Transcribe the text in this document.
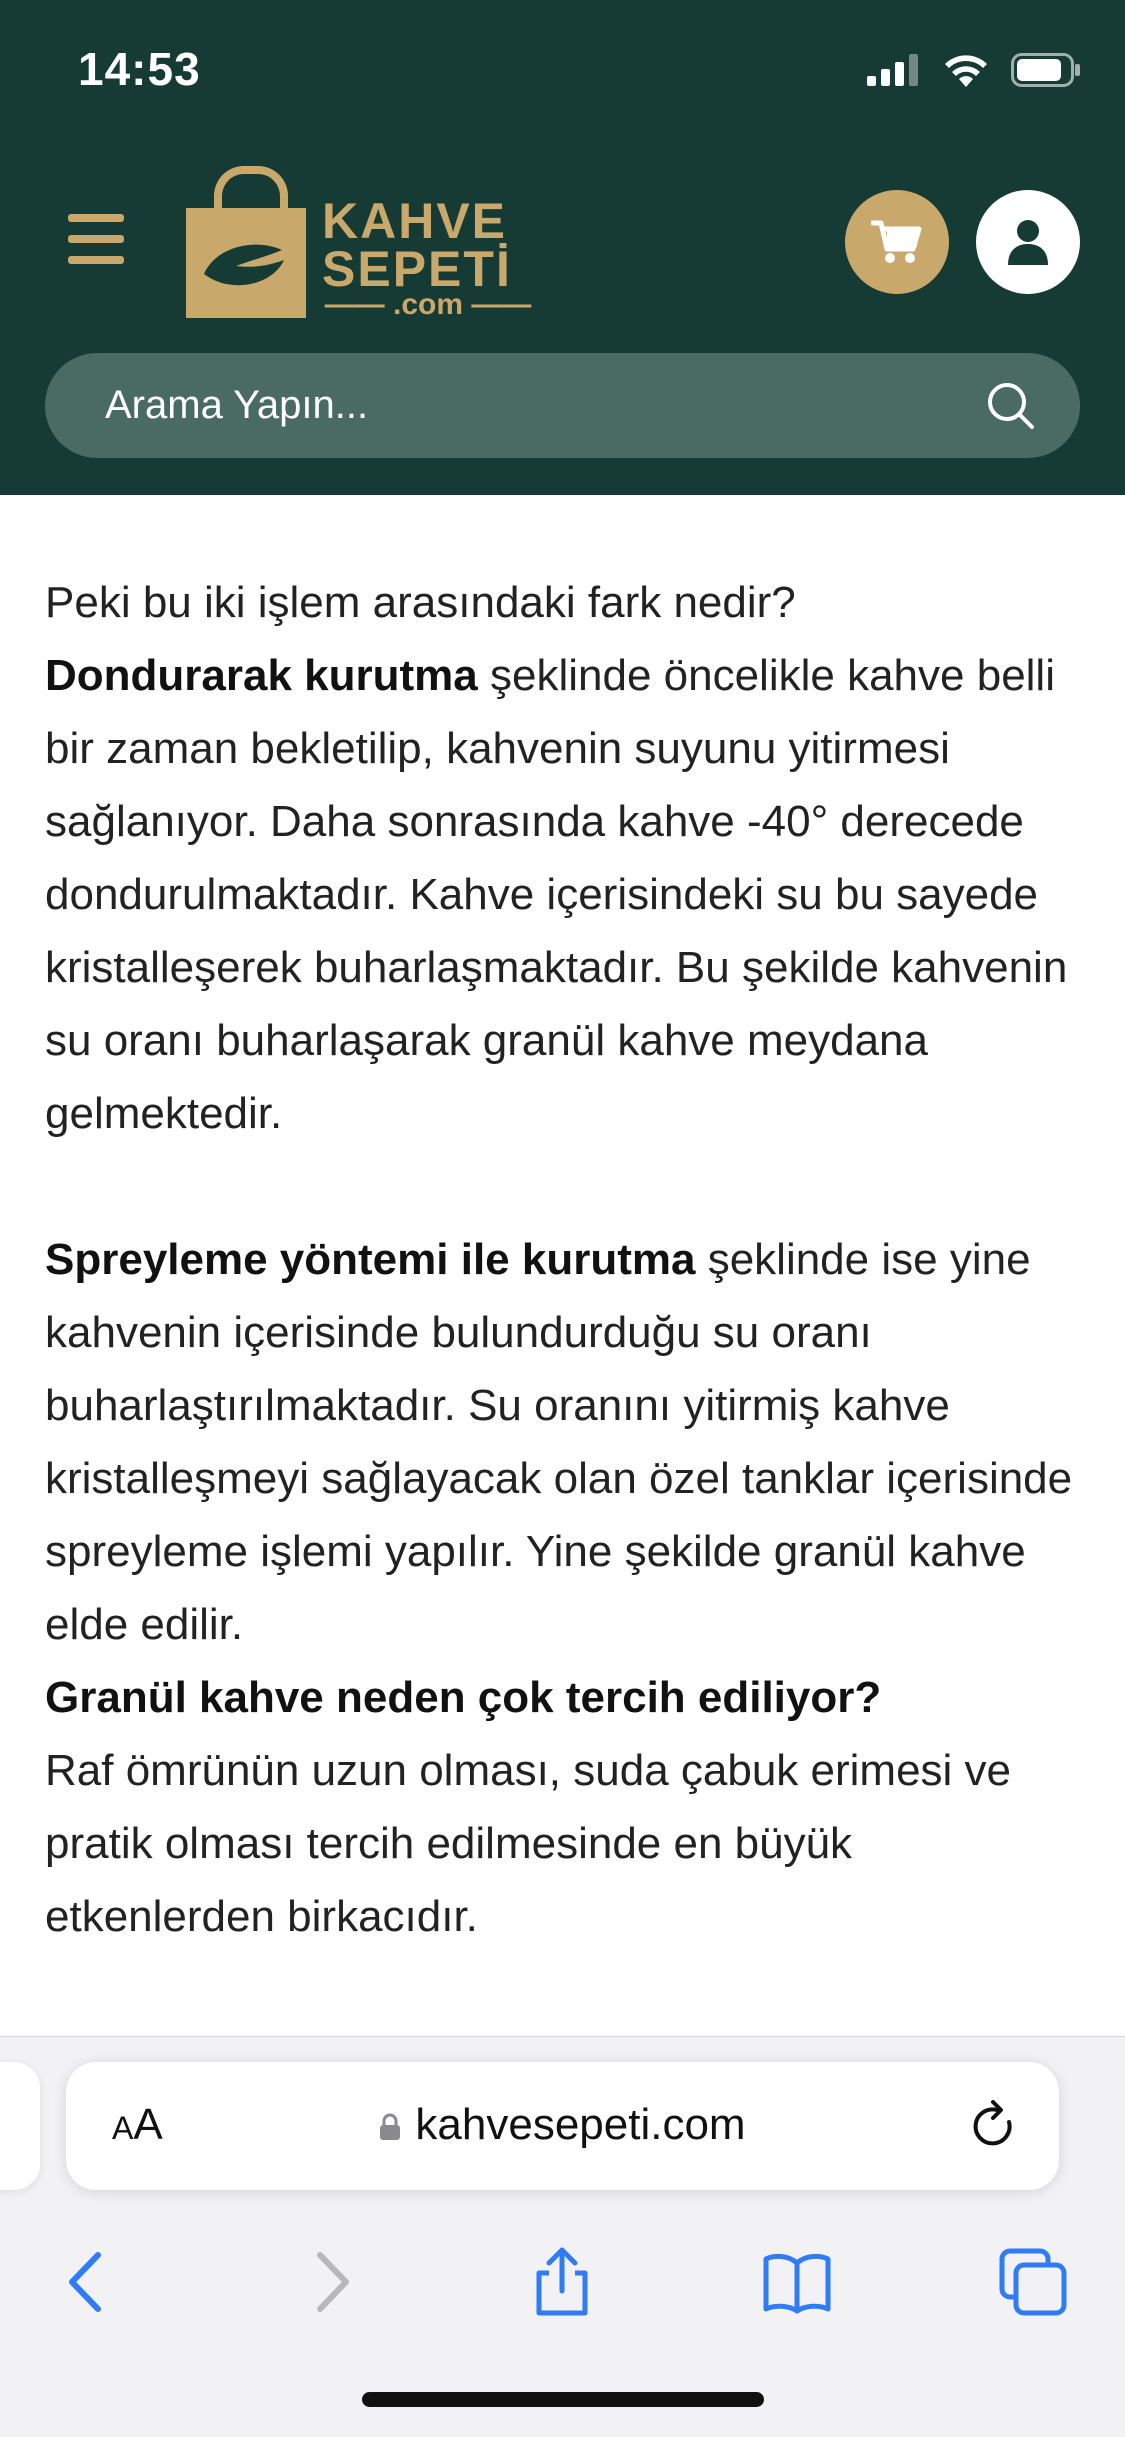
14:53
KAHVE
SEPETİ
—— .com ——
Arama Yapın...
Peki bu iki işlem arasındaki fark nedir?
Dondurarak kurutma şeklinde öncelikle kahve belli bir zaman bekletilip, kahvenin suyunu yitirmesi sağlanıyor. Daha sonrasında kahve -40° derecede dondurulmaktadır. Kahve içerisindeki su bu sayede kristalleşerek buharlaşmaktadır. Bu şekilde kahvenin su oranı buharlaşarak granül kahve meydana gelmektedir.
Spreyleme yöntemi ile kurutma şeklinde ise yine kahvenin içerisinde bulundurduğu su oranı buharlaştırılmaktadır. Su oranını yitirmiş kahve kristalleşmeyi sağlayacak olan özel tanklar içerisinde spreyleme işlemi yapılır. Yine şekilde granül kahve elde edilir.
Granül kahve neden çok tercih ediliyor?
Raf ömrünün uzun olması, suda çabuk erimesi ve pratik olması tercih edilmesinde en büyük etkenlerden birkacıdır.
AA	kahvesepeti.com
